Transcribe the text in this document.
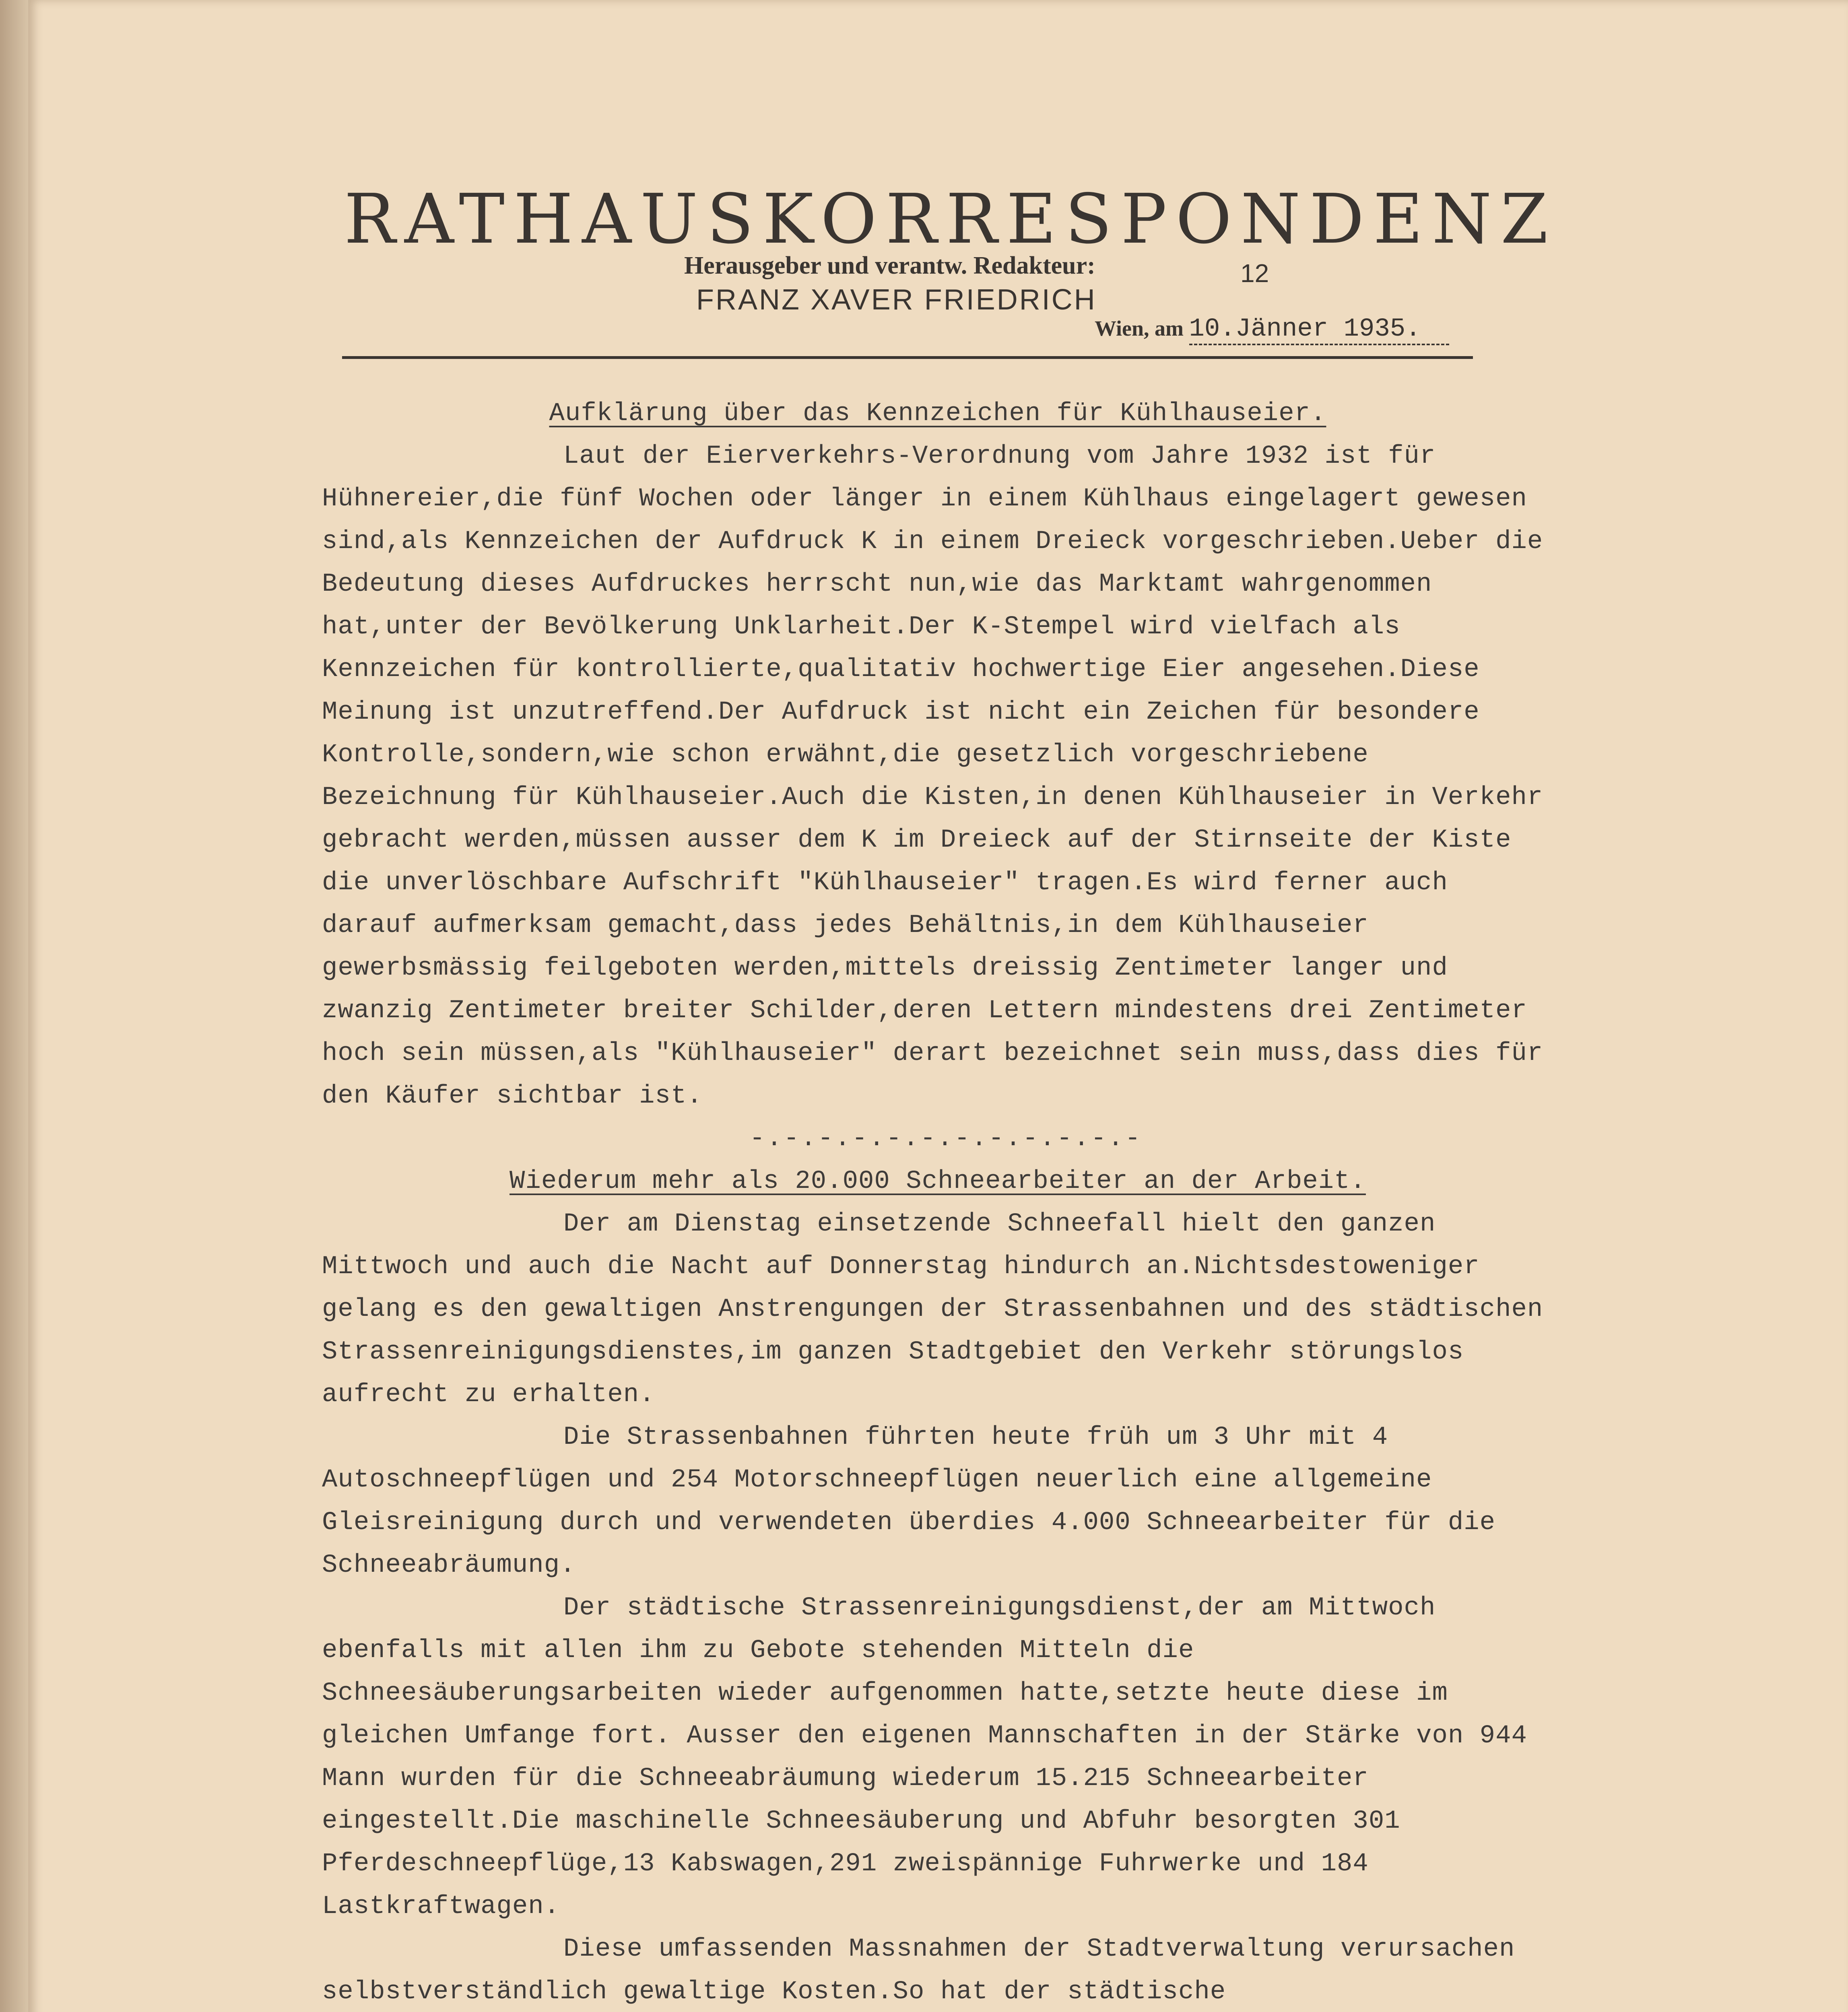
RATHAUSKORRESPONDENZ
Herausgeber und verantw. Redakteur:
FRANZ XAVER FRIEDRICH
12
Wien, am 10.Jänner 1935.
Aufklärung über das Kennzeichen für Kühlhauseier.

Laut der Eierverkehrs-Verordnung vom Jahre 1932 ist für Hühnereier,die fünf Wochen oder länger in einem Kühlhaus eingelagert gewesen sind,als Kennzeichen der Aufdruck K in einem Dreieck vorgeschrieben.Ueber die Bedeutung dieses Aufdruckes herrscht nun,wie das Marktamt wahrgenommen hat,unter der Bevölkerung Unklarheit.Der K-Stempel wird vielfach als Kennzeichen für kontrollierte,qualitativ hochwertige Eier angesehen.Diese Meinung ist unzutreffend.Der Aufdruck ist nicht ein Zeichen für besondere Kontrolle,sondern,wie schon erwähnt,die gesetzlich vorgeschriebene Bezeichnung für Kühlhauseier.Auch die Kisten,in denen Kühlhauseier in Verkehr gebracht werden,müssen ausser dem K im Dreieck auf der Stirnseite der Kiste die unverlöschbare Aufschrift "Kühlhauseier" tragen.Es wird ferner auch darauf aufmerksam gemacht,dass jedes Behältnis,in dem Kühlhauseier gewerbsmässig feilgeboten werden,mittels dreissig Zentimeter langer und zwanzig Zentimeter breiter Schilder,deren Lettern mindestens drei Zentimeter hoch sein müssen,als "Kühlhauseier" derart bezeichnet sein muss,dass dies für den Käufer sichtbar ist.

-.-.-.-.-.-.-.-.-.-.-.-

Wiederum mehr als 20.000 Schneearbeiter an der Arbeit.

Der am Dienstag einsetzende Schneefall hielt den ganzen Mittwoch und auch die Nacht auf Donnerstag hindurch an.Nichtsdestoweniger gelang es den gewaltigen Anstrengungen der Strassenbahnen und des städtischen Strassenreinigungsdienstes,im ganzen Stadtgebiet den Verkehr störungslos aufrecht zu erhalten.

Die Strassenbahnen führten heute früh um 3 Uhr mit 4 Autoschneepflügen und 254 Motorschneepflügen neuerlich eine allgemeine Gleisreinigung durch und verwendeten überdies 4.000 Schneearbeiter für die Schneeabräumung.

Der städtische Strassenreinigungsdienst,der am Mittwoch ebenfalls mit allen ihm zu Gebote stehenden Mitteln die Schneesäuberungsarbeiten wieder aufgenommen hatte,setzte heute diese im gleichen Umfange fort. Ausser den eigenen Mannschaften in der Stärke von 944 Mann wurden für die Schneeabräumung wiederum 15.215 Schneearbeiter eingestellt.Die maschinelle Schneesäuberung und Abfuhr besorgten 301 Pferdeschneepflüge,13 Kabswagen,291 zweispännige Fuhrwerke und 184 Lastkraftwagen.

Diese umfassenden Massnahmen der Stadtverwaltung verursachen selbstverständlich gewaltige Kosten.So hat der städtische
